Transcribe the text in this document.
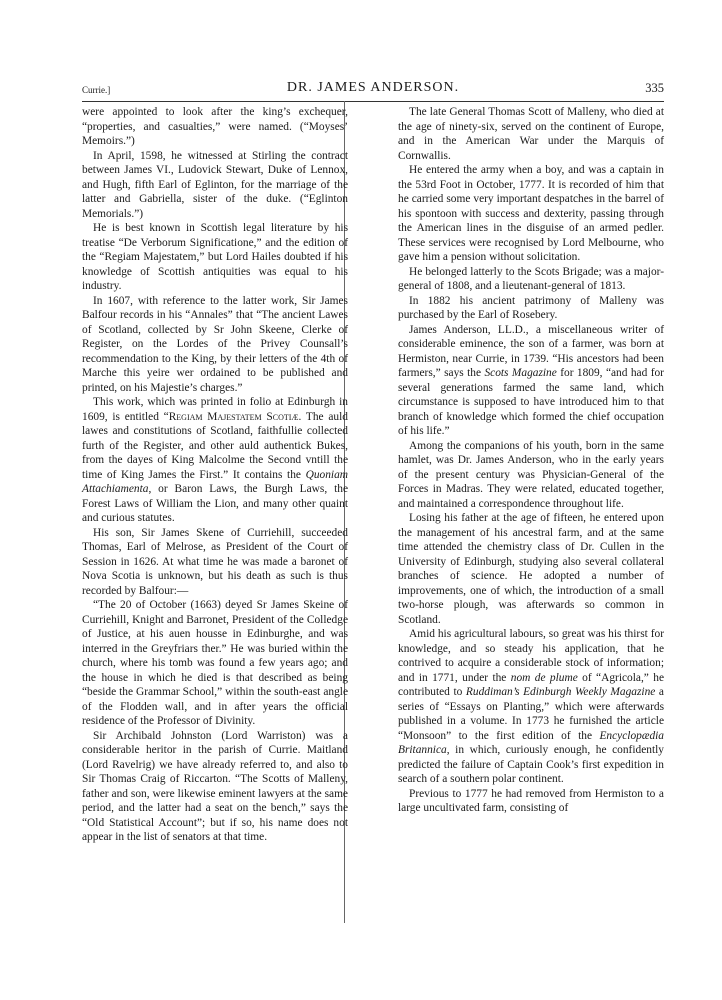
Currie.]	DR. JAMES ANDERSON.	335

were appointed to look after the king’s exchequer, “properties, and casualties,” were named. (“Moyses’ Memoirs.”)

In April, 1598, he witnessed at Stirling the contract between James VI., Ludovick Stewart, Duke of Lennox, and Hugh, fifth Earl of Eglinton, for the marriage of the latter and Gabriella, sister of the duke. (“Eglinton Memorials.”)

He is best known in Scottish legal literature by his treatise “De Verborum Significatione,” and the edition of the “Regiam Majestatem,” but Lord Hailes doubted if his knowledge of Scottish antiquities was equal to his industry.

In 1607, with reference to the latter work, Sir James Balfour records in his “Annales” that “The ancient Lawes of Scotland, collected by Sr John Skeene, Clerke of Register, on the Lordes of the Privey Counsall’s recommendation to the King, by their letters of the 4th of Marche this yeire wer ordained to be published and printed, on his Majestie’s charges.”

This work, which was printed in folio at Edinburgh in 1609, is entitled “Regiam Majestatem Scotiæ. The auld lawes and constitutions of Scotland, faithfullie collected furth of the Register, and other auld authentick Bukes, from the dayes of King Malcolme the Second vntill the time of King James the First.” It contains the Quoniam Attachiamenta, or Baron Laws, the Burgh Laws, the Forest Laws of William the Lion, and many other quaint and curious statutes.

His son, Sir James Skene of Curriehill, succeeded Thomas, Earl of Melrose, as President of the Court of Session in 1626. At what time he was made a baronet of Nova Scotia is unknown, but his death as such is thus recorded by Balfour:—

“The 20 of October (1663) deyed Sr James Skeine of Curriehill, Knight and Barronet, President of the Colledge of Justice, at his auen housse in Edinburghe, and was interred in the Greyfriars ther.” He was buried within the church, where his tomb was found a few years ago; and the house in which he died is that described as being “beside the Grammar School,” within the south-east angle of the Flodden wall, and in after years the official residence of the Professor of Divinity.

Sir Archibald Johnston (Lord Warriston) was a considerable heritor in the parish of Currie. Maitland (Lord Ravelrig) we have already referred to, and also to Sir Thomas Craig of Riccarton. “The Scotts of Malleny, father and son, were likewise eminent lawyers at the same period, and the latter had a seat on the bench,” says the “Old Statistical Account”; but if so, his name does not appear in the list of senators at that time.

The late General Thomas Scott of Malleny, who died at the age of ninety-six, served on the continent of Europe, and in the American War under the Marquis of Cornwallis.

He entered the army when a boy, and was a captain in the 53rd Foot in October, 1777. It is recorded of him that he carried some very important despatches in the barrel of his spontoon with success and dexterity, passing through the American lines in the disguise of an armed pedler. These services were recognised by Lord Melbourne, who gave him a pension without solicitation.

He belonged latterly to the Scots Brigade; was a major-general of 1808, and a lieutenant-general of 1813.

In 1882 his ancient patrimony of Malleny was purchased by the Earl of Rosebery.

James Anderson, LL.D., a miscellaneous writer of considerable eminence, the son of a farmer, was born at Hermiston, near Currie, in 1739. “His ancestors had been farmers,” says the Scots Magazine for 1809, “and had for several generations farmed the same land, which circumstance is supposed to have introduced him to that branch of knowledge which formed the chief occupation of his life.”

Among the companions of his youth, born in the same hamlet, was Dr. James Anderson, who in the early years of the present century was Physician-General of the Forces in Madras. They were related, educated together, and maintained a correspondence throughout life.

Losing his father at the age of fifteen, he entered upon the management of his ancestral farm, and at the same time attended the chemistry class of Dr. Cullen in the University of Edinburgh, studying also several collateral branches of science. He adopted a number of improvements, one of which, the introduction of a small two-horse plough, was afterwards so common in Scotland.

Amid his agricultural labours, so great was his thirst for knowledge, and so steady his application, that he contrived to acquire a considerable stock of information; and in 1771, under the nom de plume of “Agricola,” he contributed to Ruddiman’s Edinburgh Weekly Magazine a series of “Essays on Planting,” which were afterwards published in a volume. In 1773 he furnished the article “Monsoon” to the first edition of the Encyclopædia Britannica, in which, curiously enough, he confidently predicted the failure of Captain Cook’s first expedition in search of a southern polar continent.

Previous to 1777 he had removed from Hermiston to a large uncultivated farm, consisting of
